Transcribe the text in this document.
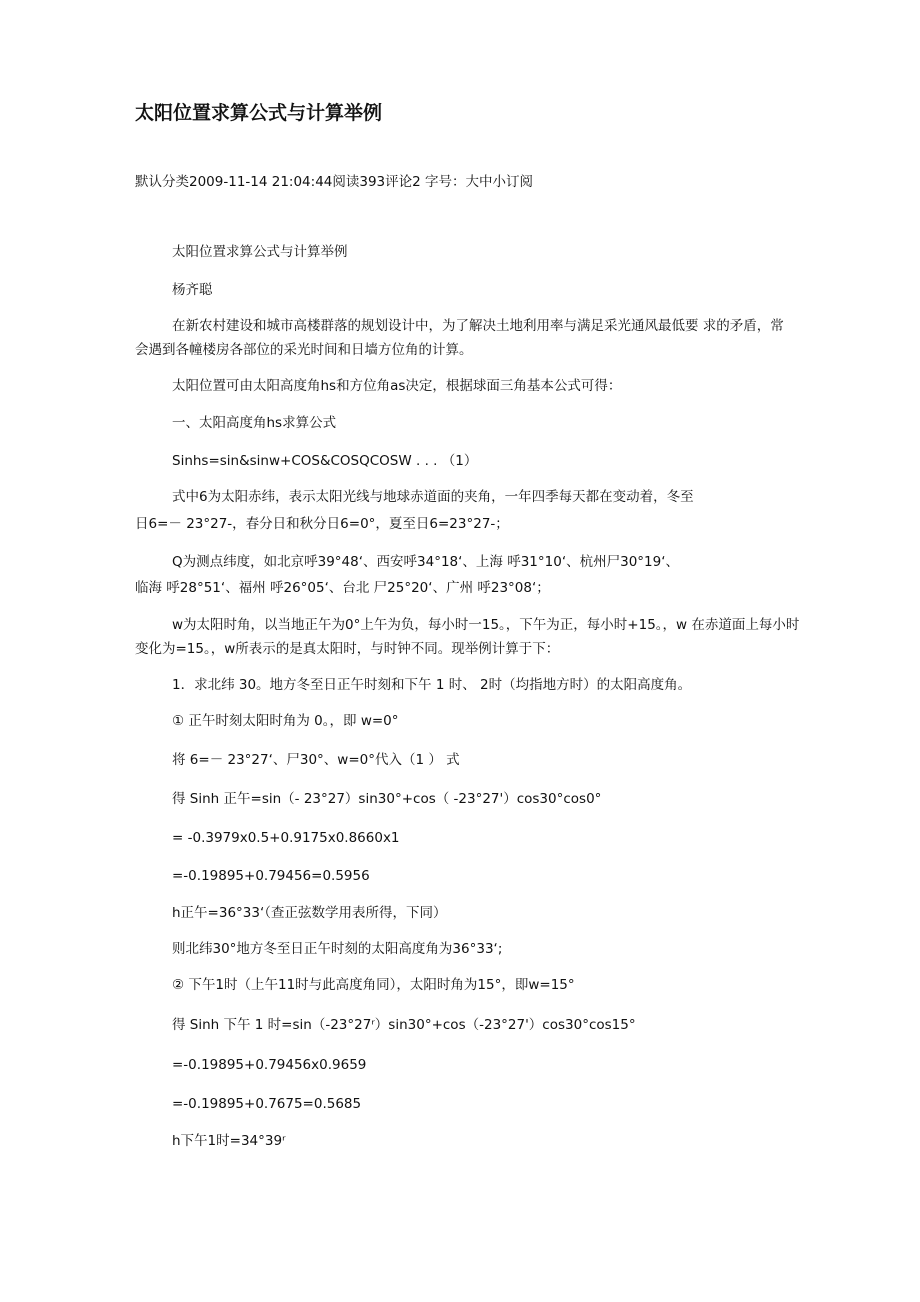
太阳位置求算公式与计算举例
默认分类2009-11-14 21:04:44阅读393评论2 字号：大中小订阅
太阳位置求算公式与计算举例
杨齐聪
在新农村建设和城市高楼群落的规划设计中，为了解决土地利用率与满足采光通风最低要 求的矛盾，常
会遇到各幢楼房各部位的采光时间和日墙方位角的计算。
太阳位置可由太阳高度角hs和方位角as决定，根据球面三角基本公式可得：
一、太阳高度角hs求算公式
Sinhs=sin&sinw+COS&COSQCOSW . . . （1）
式中6为太阳赤纬，表示太阳光线与地球赤道面的夹角，一年四季每天都在变动着，冬至
日6=－ 23°27-，春分日和秋分日6=0°，夏至日6=23°27-；
Q为测点纬度，如北京呼39°48‘、西安呼34°18‘、上海 呼31°10‘、杭州尸30°19‘、
临海 呼28°51‘、福州 呼26°05‘、台北 尸25°20‘、广州 呼23°08‘；
w为太阳时角，以当地正午为0°上午为负，每小时一15。，下午为正，每小时+15。，w 在赤道面上每小时
变化为=15。，w所表示的是真太阳时，与时钟不同。现举例计算于下：
1．求北纬 30。地方冬至日正午时刻和下午 1 时、 2时（均指地方时）的太阳高度角。
① 正午时刻太阳时角为 0。，即 w=0°
将 6=－ 23°27‘、尸30°、w=0°代入（1 ） 式
得 Sinh 正午=sin（- 23°27）sin30°+cos（ -23°27'）cos30°cos0°
= -0.3979x0.5+0.9175x0.8660x1
=-0.19895+0.79456=0.5956
h正午=36°33‘（查正弦数学用表所得，下同）
则北纬30°地方冬至日正午时刻的太阳高度角为36°33‘;
② 下午1时（上午11时与此高度角同），太阳时角为15°，即w=15°
得 Sinh 下午 1 时=sin（-23°27ʳ）sin30°+cos（-23°27'）cos30°cos15°
=-0.19895+0.79456x0.9659
=-0.19895+0.7675=0.5685
h下午1时=34°39ʳ
